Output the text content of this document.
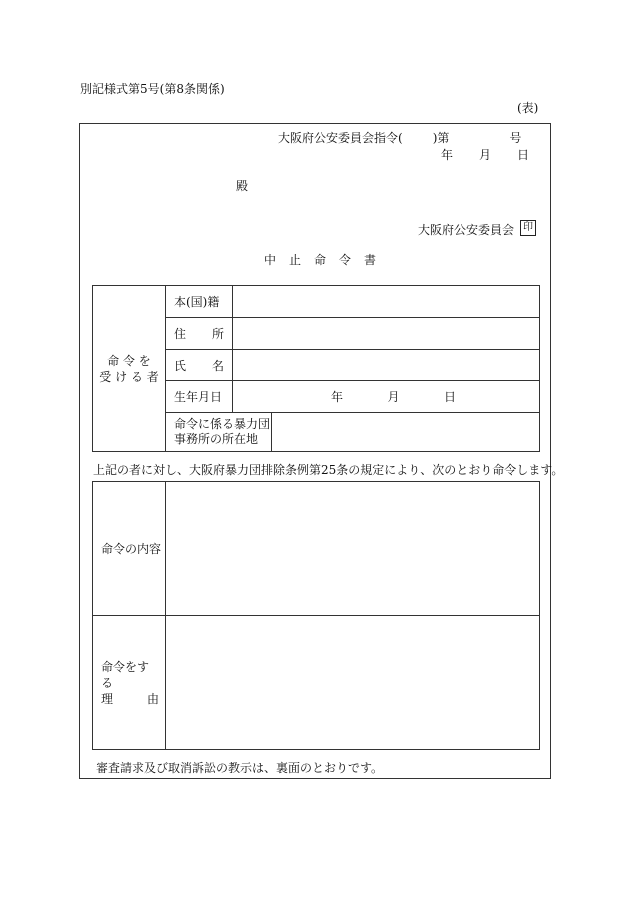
別記様式第5号(第8条関係)
(表)
大阪府公安委員会指令(	)第	号
年 月 日
殿
大阪府公安委員会 印
中止命令書
命 令 を
受 け る 者	本(国)籍		

	住 所		

	氏 名		

	生年月日	年 月 日	

	命令に係る暴力団
事務所の所在地		

上記の者に対し、大阪府暴力団排除条例第25条の規定により、次のとおり命令します。
命令の内容	

命令をする
理 由	

審査請求及び取消訴訟の教示は、裏面のとおりです。
